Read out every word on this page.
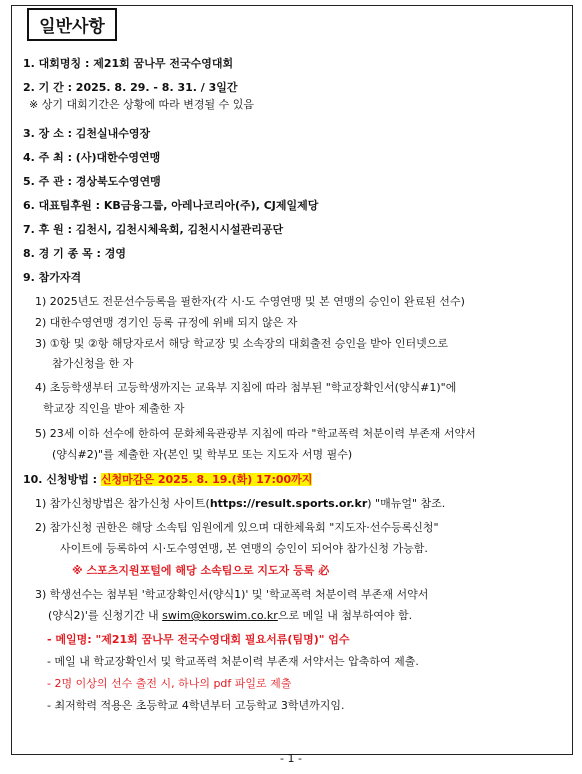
일반사항
1. 대회명칭 : 제21회 꿈나무 전국수영대회
2. 기 간 : 2025. 8. 29. - 8. 31. / 3일간
※ 상기 대회기간은 상황에 따라 변경될 수 있음
3. 장 소 : 김천실내수영장
4. 주 최 : (사)대한수영연맹
5. 주 관 : 경상북도수영연맹
6. 대표팀후원 : KB금융그룹, 아레나코리아(주), CJ제일제당
7. 후 원 : 김천시, 김천시체육회, 김천시시설관리공단
8. 경 기 종 목 : 경영
9. 참가자격
1) 2025년도 전문선수등록을 필한자(각 시·도 수영연맹 및 본 연맹의 승인이 완료된 선수)
2) 대한수영연맹 경기인 등록 규정에 위배 되지 않은 자
3) ①항 및 ②항 해당자로서 해당 학교장 및 소속장의 대회출전 승인을 받아 인터넷으로
참가신청을 한 자
4) 초등학생부터 고등학생까지는 교육부 지침에 따라 첨부된 "학교장확인서(양식#1)"에
학교장 직인을 받아 제출한 자
5) 23세 이하 선수에 한하여 문화체육관광부 지침에 따라 "학교폭력 처분이력 부존재 서약서
(양식#2)"를 제출한 자(본인 및 학부모 또는 지도자 서명 필수)
10. 신청방법 : 신청마감은 2025. 8. 19.(화) 17:00까지
1) 참가신청방법은 참가신청 사이트(https://result.sports.or.kr) "매뉴얼" 참조.
2) 참가신청 권한은 해당 소속팀 임원에게 있으며 대한체육회 "지도자·선수등록신청"
사이트에 등록하여 시·도수영연맹, 본 연맹의 승인이 되어야 참가신청 가능함.
※ 스포츠지원포털에 해당 소속팀으로 지도자 등록 必
3) 학생선수는 첨부된 '학교장확인서(양식1)' 및 '학교폭력 처분이력 부존재 서약서
(양식2)'를 신청기간 내 swim@korswim.co.kr으로 메일 내 첨부하여야 함.
- 메일명: "제21회 꿈나무 전국수영대회 필요서류(팀명)" 엄수
- 메일 내 학교장확인서 및 학교폭력 처분이력 부존재 서약서는 압축하여 제출.
- 2명 이상의 선수 출전 시, 하나의 pdf 파일로 제출
- 최저학력 적용은 초등학교 4학년부터 고등학교 3학년까지임.
- 1 -
